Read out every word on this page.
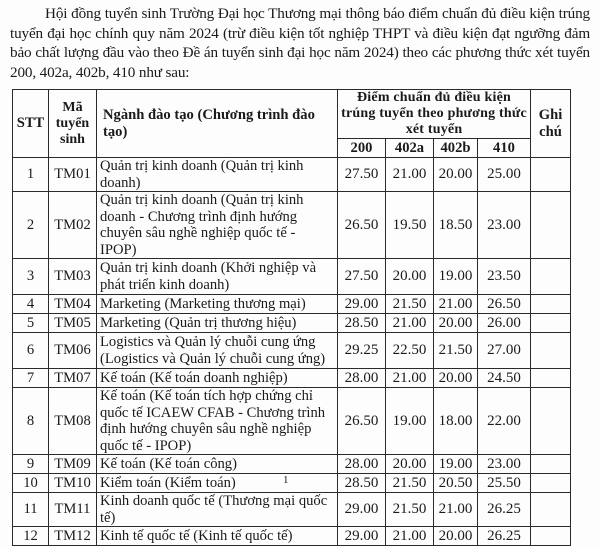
Hội đồng tuyển sinh Trường Đại học Thương mại thông báo điểm chuẩn đủ điều kiện trúng tuyển đại học chính quy năm 2024 (trừ điều kiện tốt nghiệp THPT và điều kiện đạt ngưỡng đảm bảo chất lượng đầu vào theo Đề án tuyển sinh đại học năm 2024) theo các phương thức xét tuyển 200, 402a, 402b, 410 như sau:

STT	Mã tuyển sinh	Ngành đào tạo (Chương trình đào tạo)	Điểm chuẩn đủ điều kiện trúng tuyển theo phương thức xét tuyển				Ghi chú
			200	402a	402b	410	
1	TM01	Quản trị kinh doanh (Quản trị kinh doanh)	27.50	21.00	20.00	25.00	
2	TM02	Quản trị kinh doanh (Quản trị kinh doanh - Chương trình định hướng chuyên sâu nghề nghiệp quốc tế - IPOP)	26.50	19.50	18.50	23.00	
3	TM03	Quản trị kinh doanh (Khởi nghiệp và phát triển kinh doanh)	27.50	20.00	19.00	23.50	
4	TM04	Marketing (Marketing thương mại)	29.00	21.50	21.00	26.50	
5	TM05	Marketing (Quản trị thương hiệu)	28.50	21.00	20.00	26.00	
6	TM06	Logistics và Quản lý chuỗi cung ứng (Logistics và Quản lý chuỗi cung ứng)	29.25	22.50	21.50	27.00	
7	TM07	Kế toán (Kế toán doanh nghiệp)	28.00	21.00	20.00	24.50	
8	TM08	Kế toán (Kế toán tích hợp chứng chỉ quốc tế ICAEW CFAB - Chương trình định hướng chuyên sâu nghề nghiệp quốc tế - IPOP)	26.50	19.00	18.00	22.00	
9	TM09	Kế toán (Kế toán công)	28.00	20.00	19.00	23.00	
10	TM10	Kiểm toán (Kiểm toán)	28.50	21.50	20.50	25.50	
11	TM11	Kinh doanh quốc tế (Thương mại quốc tế)	29.00	21.50	21.00	26.25	
12	TM12	Kinh tế quốc tế (Kinh tế quốc tế)	29.00	21.00	20.00	26.25	
1
